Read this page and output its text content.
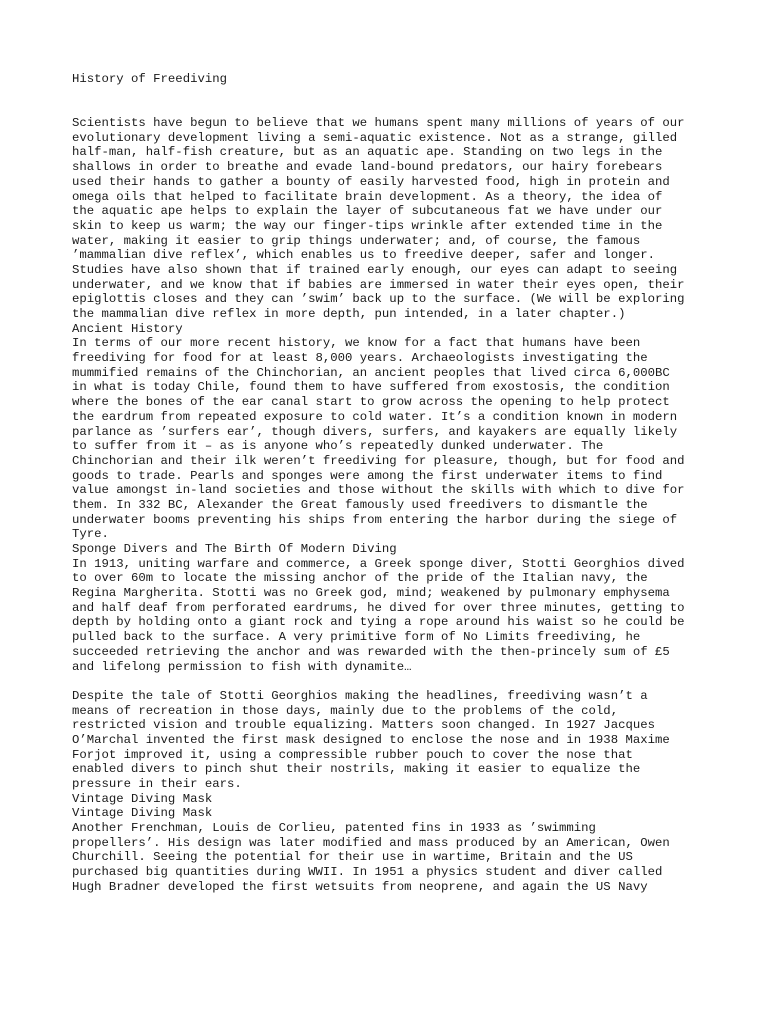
History of Freediving
Scientists have begun to believe that we humans spent many millions of years of our
evolutionary development living a semi-aquatic existence. Not as a strange, gilled
half-man, half-fish creature, but as an aquatic ape. Standing on two legs in the
shallows in order to breathe and evade land-bound predators, our hairy forebears
used their hands to gather a bounty of easily harvested food, high in protein and
omega oils that helped to facilitate brain development. As a theory, the idea of
the aquatic ape helps to explain the layer of subcutaneous fat we have under our
skin to keep us warm; the way our finger-tips wrinkle after extended time in the
water, making it easier to grip things underwater; and, of course, the famous
’mammalian dive reflex’, which enables us to freedive deeper, safer and longer.
Studies have also shown that if trained early enough, our eyes can adapt to seeing
underwater, and we know that if babies are immersed in water their eyes open, their
epiglottis closes and they can ’swim’ back up to the surface. (We will be exploring
the mammalian dive reflex in more depth, pun intended, in a later chapter.)
Ancient History
In terms of our more recent history, we know for a fact that humans have been
freediving for food for at least 8,000 years. Archaeologists investigating the
mummified remains of the Chinchorian, an ancient peoples that lived circa 6,000BC
in what is today Chile, found them to have suffered from exostosis, the condition
where the bones of the ear canal start to grow across the opening to help protect
the eardrum from repeated exposure to cold water. It’s a condition known in modern
parlance as ’surfers ear’, though divers, surfers, and kayakers are equally likely
to suffer from it – as is anyone who’s repeatedly dunked underwater. The
Chinchorian and their ilk weren’t freediving for pleasure, though, but for food and
goods to trade. Pearls and sponges were among the first underwater items to find
value amongst in-land societies and those without the skills with which to dive for
them. In 332 BC, Alexander the Great famously used freedivers to dismantle the
underwater booms preventing his ships from entering the harbor during the siege of
Tyre.
Sponge Divers and The Birth Of Modern Diving
In 1913, uniting warfare and commerce, a Greek sponge diver, Stotti Georghios dived
to over 60m to locate the missing anchor of the pride of the Italian navy, the
Regina Margherita. Stotti was no Greek god, mind; weakened by pulmonary emphysema
and half deaf from perforated eardrums, he dived for over three minutes, getting to
depth by holding onto a giant rock and tying a rope around his waist so he could be
pulled back to the surface. A very primitive form of No Limits freediving, he
succeeded retrieving the anchor and was rewarded with the then-princely sum of £5
and lifelong permission to fish with dynamite…
Despite the tale of Stotti Georghios making the headlines, freediving wasn’t a
means of recreation in those days, mainly due to the problems of the cold,
restricted vision and trouble equalizing. Matters soon changed. In 1927 Jacques
O’Marchal invented the first mask designed to enclose the nose and in 1938 Maxime
Forjot improved it, using a compressible rubber pouch to cover the nose that
enabled divers to pinch shut their nostrils, making it easier to equalize the
pressure in their ears.
Vintage Diving Mask
Vintage Diving Mask
Another Frenchman, Louis de Corlieu, patented fins in 1933 as ’swimming
propellers’. His design was later modified and mass produced by an American, Owen
Churchill. Seeing the potential for their use in wartime, Britain and the US
purchased big quantities during WWII. In 1951 a physics student and diver called
Hugh Bradner developed the first wetsuits from neoprene, and again the US Navy
